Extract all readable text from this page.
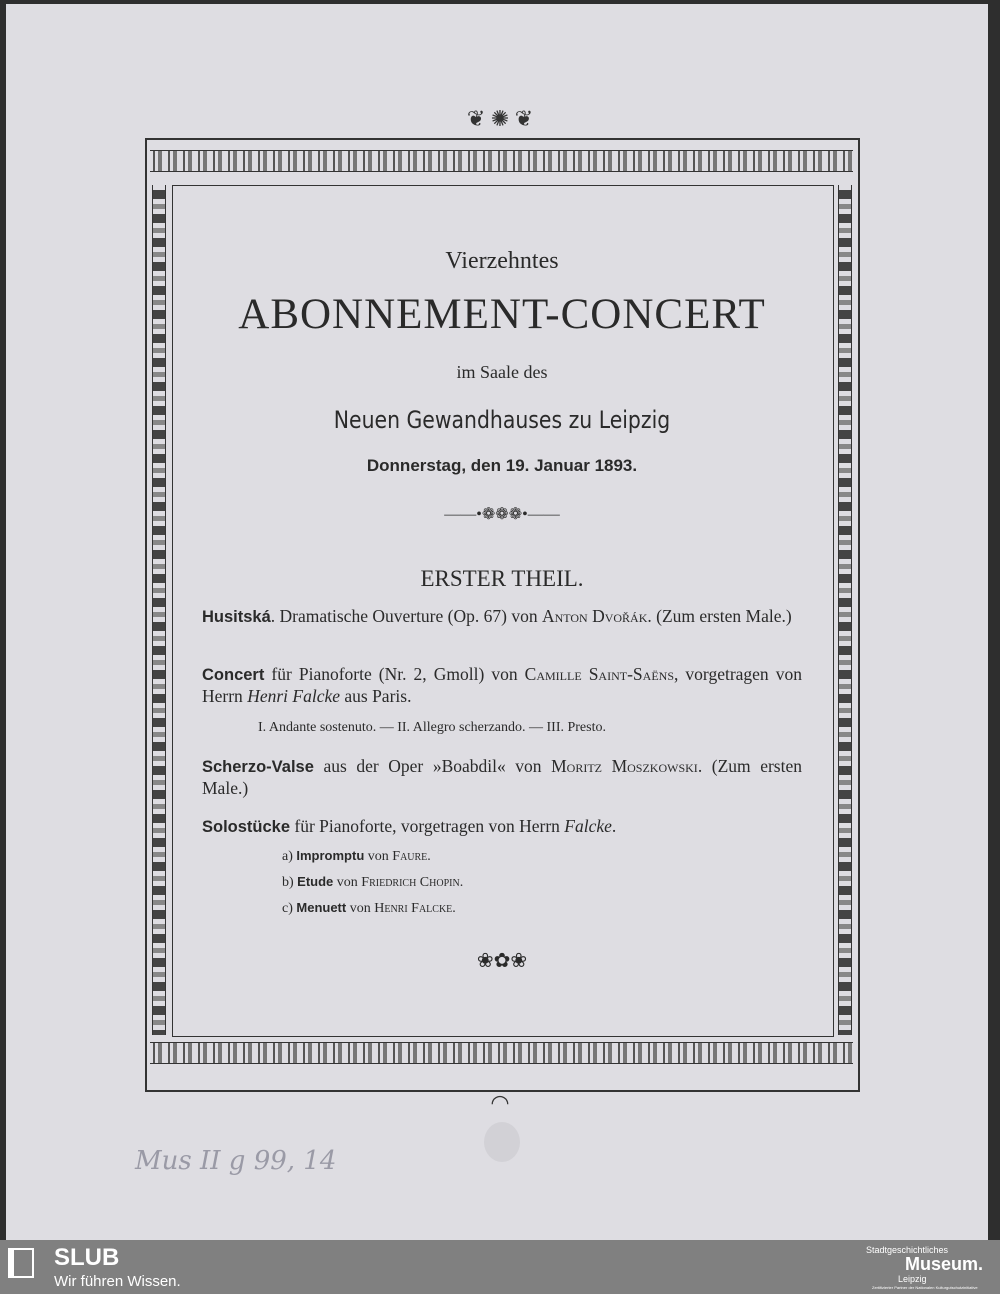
❦ ✺ ❦
◠
Vierzehntes
ABONNEMENT-CONCERT
im Saale des
Neuen Gewandhauses zu Leipzig
Donnerstag, den 19. Januar 1893.
——•❁❁❁•——
ERSTER THEIL.
Husitská. Dramatische Ouverture (Op. 67) von Anton Dvořák. (Zum ersten Male.)
Concert für Pianoforte (Nr. 2, Gmoll) von Camille Saint-Saëns, vorgetragen von Herrn Henri Falcke aus Paris.
I. Andante sostenuto. — II. Allegro scherzando. — III. Presto.
Scherzo-Valse aus der Oper »Boabdil« von Moritz Moszkowski. (Zum ersten Male.)
Solostücke für Pianoforte, vorgetragen von Herrn Falcke.
a) Impromptu von Faure.
b) Etude von Friedrich Chopin.
c) Menuett von Henri Falcke.
❀✿❀
Mus II g 99, 14
SLUB
Wir führen Wissen.
Stadtgeschichtliches
Museum.
Leipzig
Zertifizierter Partner der Nationalen Kulturgutschutzinitiative
